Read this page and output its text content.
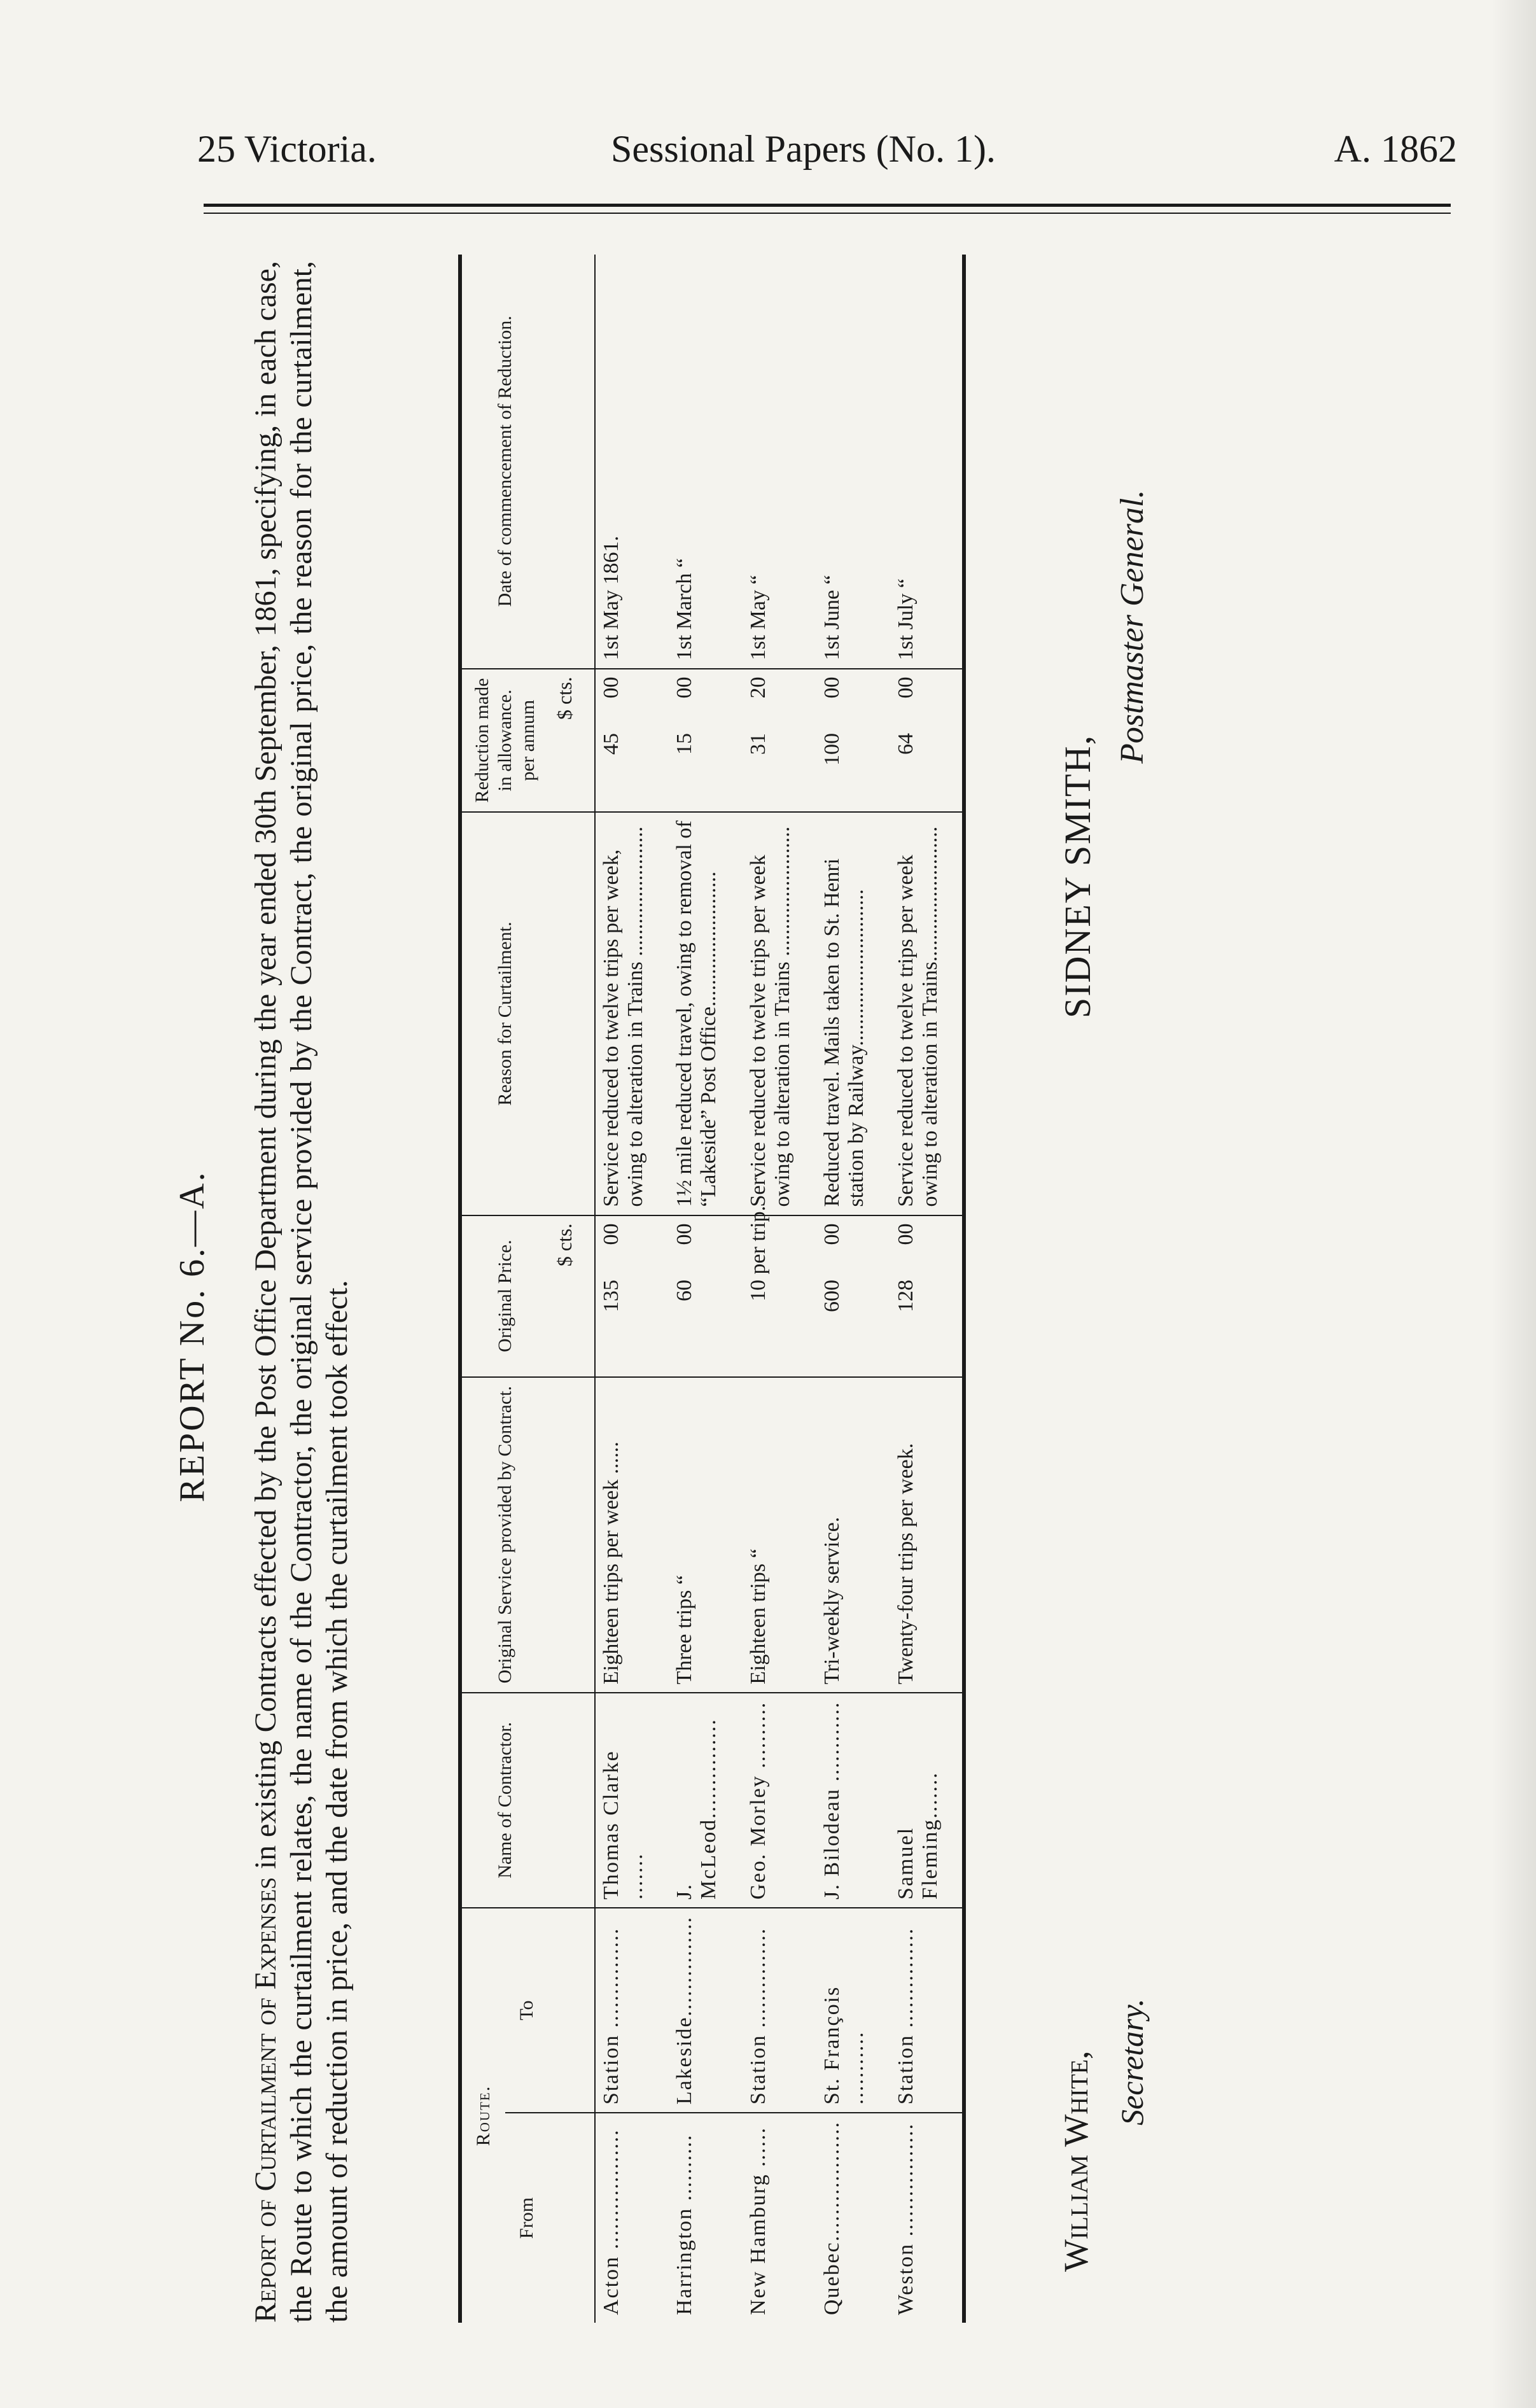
25 Victoria.	Sessional Papers (No. 1).	A. 1862
REPORT No. 6.—A.
Report of Curtailment of Expenses in existing Contracts effected by the Post Office Department during the year ended 30th September, 1861, specifying, in each case, the Route to which the curtailment relates, the name of the Contractor, the original service provided by the Contract, the original price, the reason for the curtailment, the amount of reduction in price, and the date from which the curtailment took effect.	Route.		Name of Contractor.	Original Service provided by Contract.	Original Price.	Reason for Curtailment.	Reduction made in allowance. per annum	Date of commencement of Reduction.
From	To						
				$ cts.		$ cts.	
Acton ..................	Station ...............	Thomas Clarke .......	Eighteen trips per week ......	135 00	Service reduced to twelve trips per week, owing to alteration in Trains ........................	45 00	1st May 1861.
Harrington ..........	Lakeside...............	J. McLeod...............	Three trips “	60 00	1½ mile reduced travel, owing to removal of “Lakeside” Post Office.........................	15 00	1st March “
New Hamburg ......	Station ...............	Geo. Morley ..........	Eighteen trips “	10 per trip.	Service reduced to twelve trips per week owing to alteration in Trains ........................	31 20	1st May “
Quebec..................	St. François ...........	J. Bilodeau ............	Tri-weekly service.	600 00	Reduced travel. Mails taken to St. Henri station by Railway.............................	100 00	1st June “
Weston .................	Station ...............	Samuel Fleming.......	Twenty-four trips per week.	128 00	Service reduced to twelve trips per week owing to alteration in Trains.........................	64 00	1st July “
William White, Secretary.
SIDNEY SMITH,
Postmaster General.
